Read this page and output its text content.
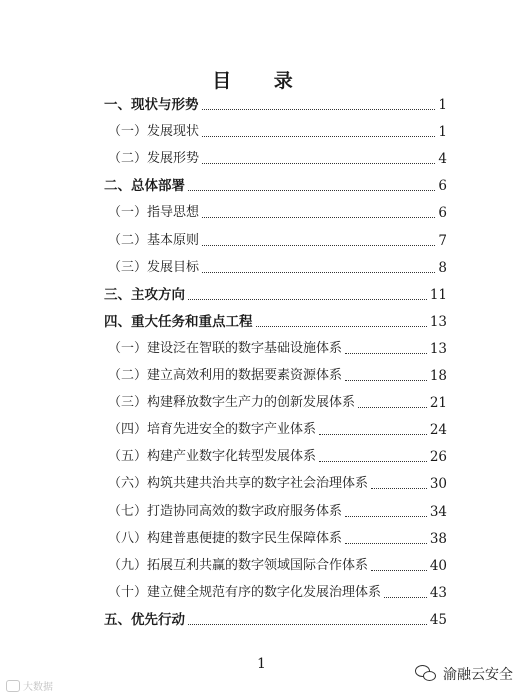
目 录
一、现状与形势	1
（一）发展现状	1
（二）发展形势	4
二、总体部署	6
（一）指导思想	6
（二）基本原则	7
（三）发展目标	8
三、主攻方向	11
四、重大任务和重点工程	13
（一）建设泛在智联的数字基础设施体系	13
（二）建立高效利用的数据要素资源体系	18
（三）构建释放数字生产力的创新发展体系	21
（四）培育先进安全的数字产业体系	24
（五）构建产业数字化转型发展体系	26
（六）构筑共建共治共享的数字社会治理体系	30
（七）打造协同高效的数字政府服务体系	34
（八）构建普惠便捷的数字民生保障体系	38
（九）拓展互利共赢的数字领域国际合作体系	40
（十）建立健全规范有序的数字化发展治理体系	43
五、优先行动	45
1
大数据
渝融云安全
